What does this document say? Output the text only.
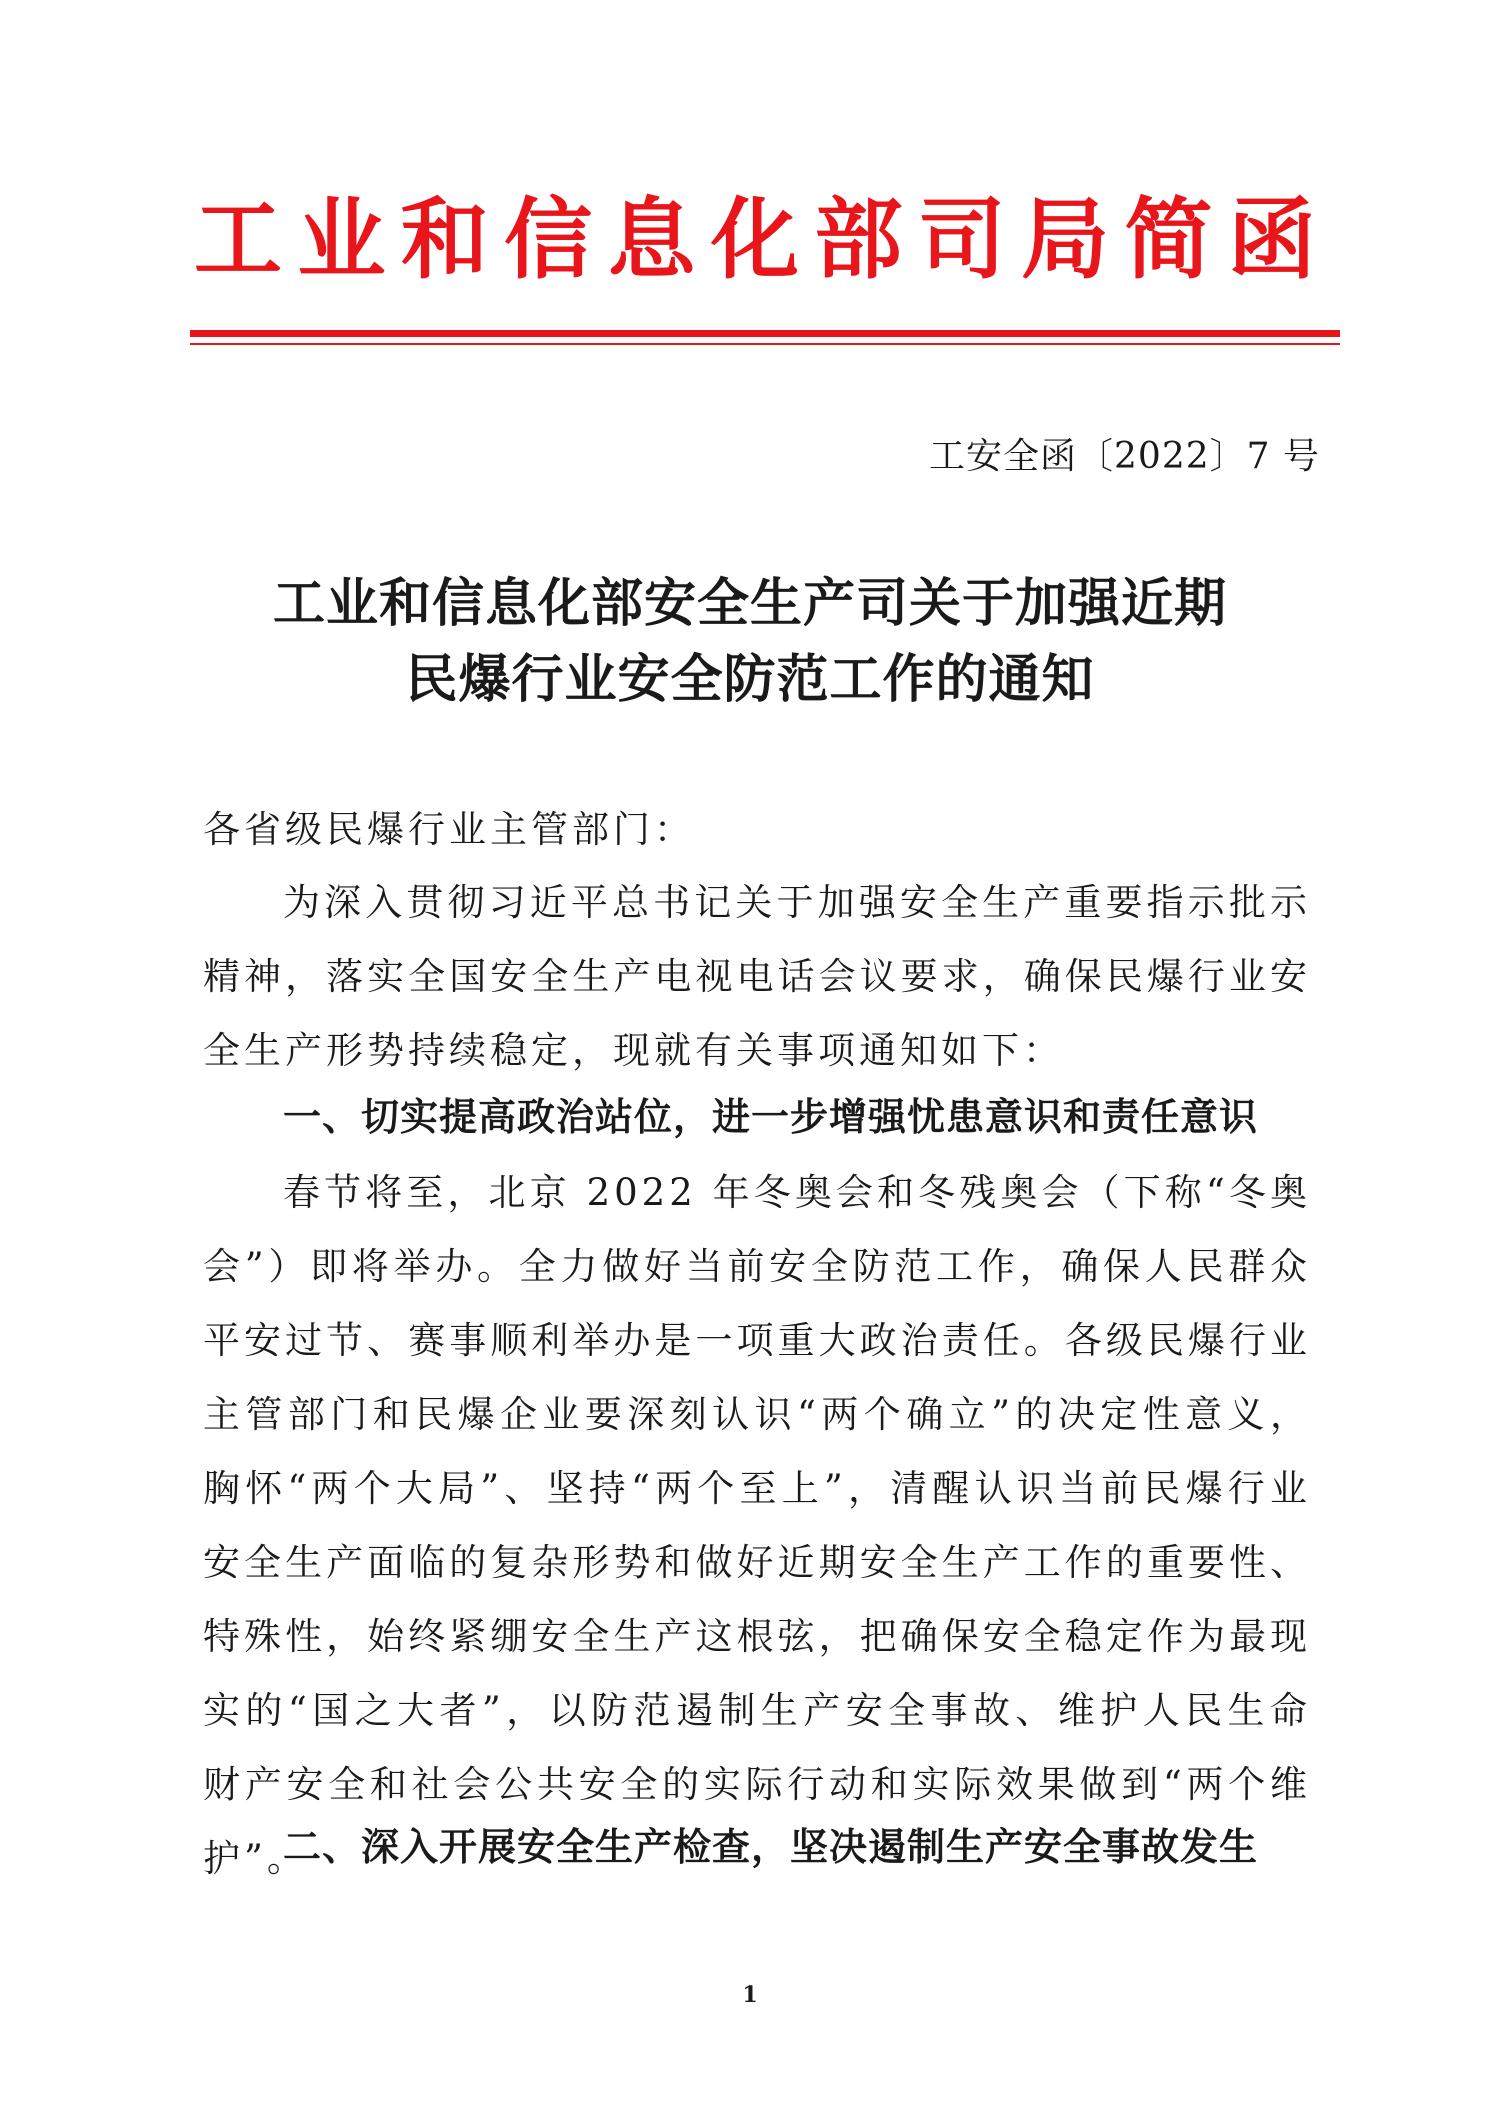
工 业 和 信 息 化 部 司 局 简 函
工安全函〔2022〕7 号
工业和信息化部安全生产司关于加强近期
民爆行业安全防范工作的通知

各省级民爆行业主管部门：

为深入贯彻习近平总书记关于加强安全生产重要指示批示精神，落实全国安全生产电视电话会议要求，确保民爆行业安全生产形势持续稳定，现就有关事项通知如下：

一、切实提高政治站位，进一步增强忧患意识和责任意识

春节将至，北京 2022 年冬奥会和冬残奥会（下称“冬奥会”）即将举办。全力做好当前安全防范工作，确保人民群众平安过节、赛事顺利举办是一项重大政治责任。各级民爆行业主管部门和民爆企业要深刻认识“两个确立”的决定性意义，胸怀“两个大局”、坚持“两个至上”，清醒认识当前民爆行业安全生产面临的复杂形势和做好近期安全生产工作的重要性、特殊性，始终紧绷安全生产这根弦，把确保安全稳定作为最现实的“国之大者”，以防范遏制生产安全事故、维护人民生命财产安全和社会公共安全的实际行动和实际效果做到“两个维护”。

二、深入开展安全生产检查，坚决遏制生产安全事故发生
1
